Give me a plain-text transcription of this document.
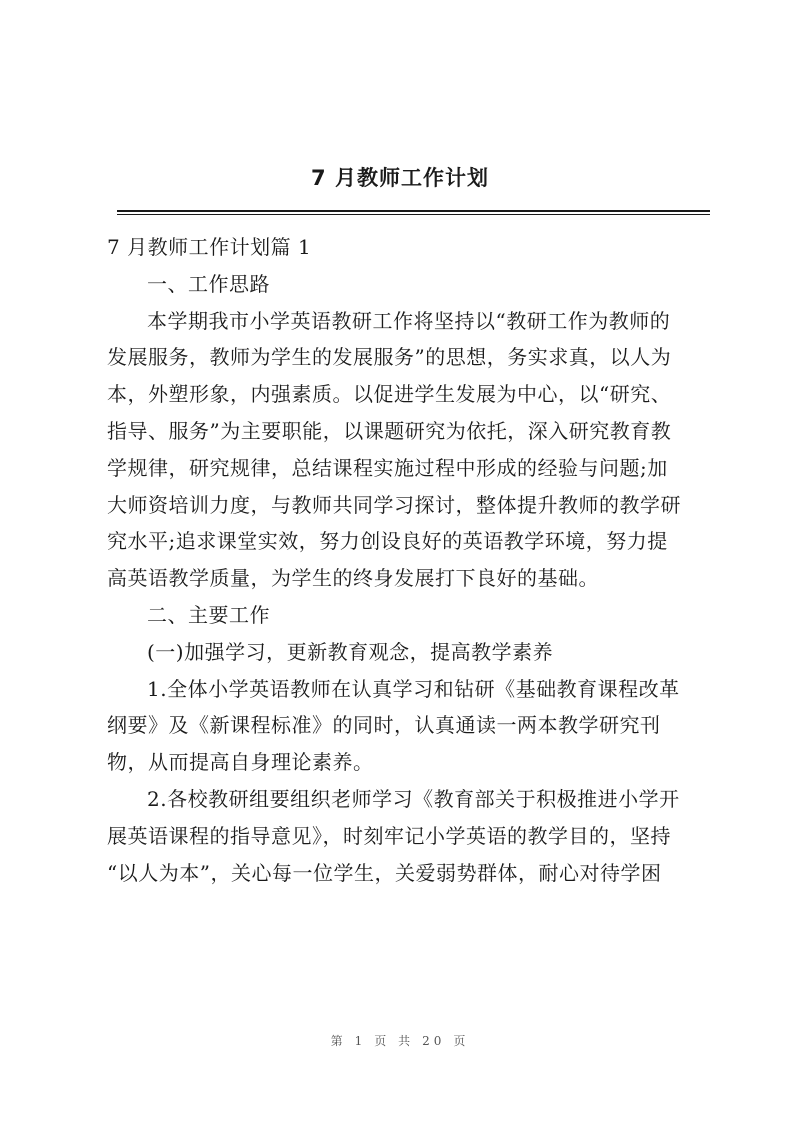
7 月教师工作计划
7 月教师工作计划篇 1
一、工作思路
本学期我市小学英语教研工作将坚持以“教研工作为教师的
发展服务，教师为学生的发展服务”的思想，务实求真，以人为
本，外塑形象，内强素质。以促进学生发展为中心，以“研究、
指导、服务”为主要职能，以课题研究为依托，深入研究教育教
学规律，研究规律，总结课程实施过程中形成的经验与问题;加
大师资培训力度，与教师共同学习探讨，整体提升教师的教学研
究水平;追求课堂实效，努力创设良好的英语教学环境，努力提
高英语教学质量，为学生的终身发展打下良好的基础。
二、主要工作
(一)加强学习，更新教育观念，提高教学素养
1.全体小学英语教师在认真学习和钻研《基础教育课程改革
纲要》及《新课程标准》的同时，认真通读一两本教学研究刊
物，从而提高自身理论素养。
2.各校教研组要组织老师学习《教育部关于积极推进小学开
展英语课程的指导意见》，时刻牢记小学英语的教学目的，坚持
“以人为本”，关心每一位学生，关爱弱势群体，耐心对待学困
第 1 页 共 20 页
